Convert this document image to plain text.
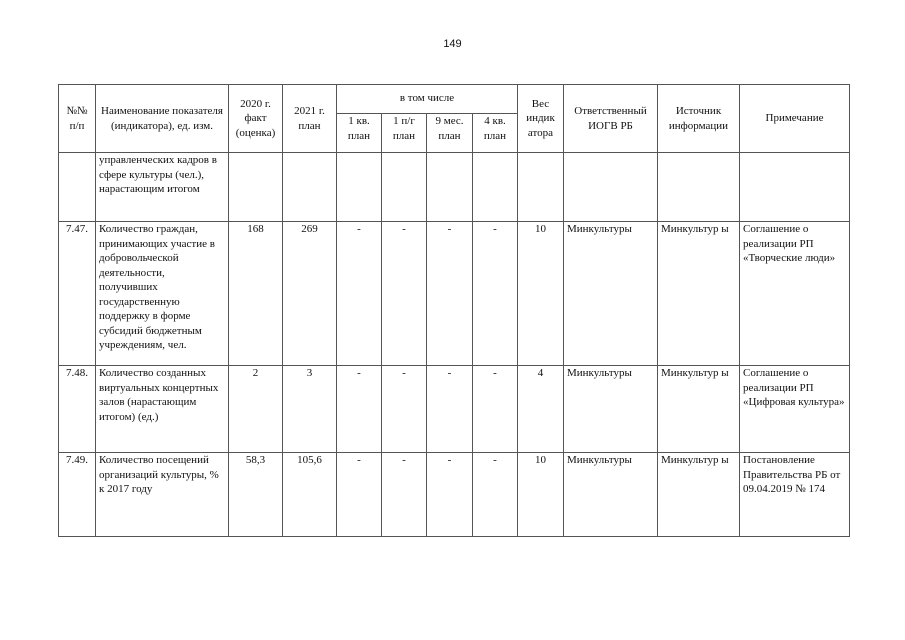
149
№№ п/п	Наименование показателя (индикатора), ед. изм.	2020 г. факт (оценка)	2021 г. план	в том числе				Вес индик атора	Ответственный ИОГВ РБ	Источник информации	Примечание
				1 кв. план	1 п/г план	9 мес. план	4 кв. план				
	управленческих кадров в сфере культуры (чел.), нарастающим итогом										
7.47.	Количество граждан, принимающих участие в добровольческой деятельности, получивших государственную поддержку в форме субсидий бюджетным учреждениям, чел.	168	269	-	-	-	-	10	Минкультуры	Минкультур ы	Соглашение о реализации РП «Творческие люди»
7.48.	Количество созданных виртуальных концертных залов (нарастающим итогом) (ед.)	2	3	-	-	-	-	4	Минкультуры	Минкультур ы	Соглашение о реализации РП «Цифровая культура»
7.49.	Количество посещений организаций культуры, % к 2017 году	58,3	105,6	-	-	-	-	10	Минкультуры	Минкультур ы	Постановление Правительства РБ от 09.04.2019 № 174
